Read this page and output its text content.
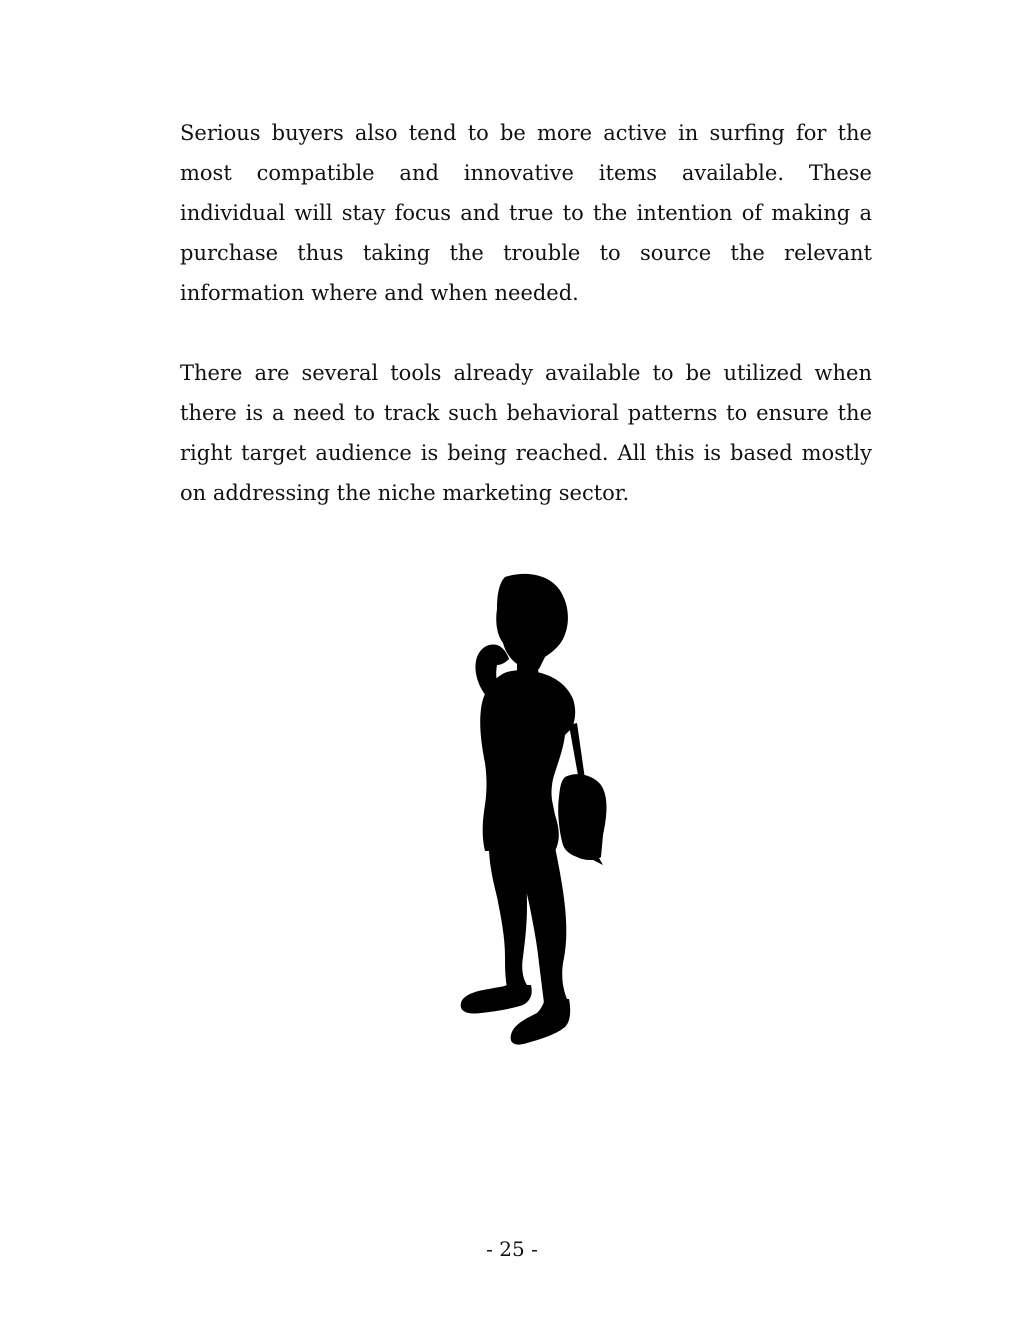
Serious buyers also tend to be more active in surfing for the most compatible and innovative items available. These individual will stay focus and true to the intention of making a purchase thus taking the trouble to source the relevant information where and when needed.

There are several tools already available to be utilized when there is a need to track such behavioral patterns to ensure the right target audience is being reached. All this is based mostly on addressing the niche marketing sector.

- 25 -
